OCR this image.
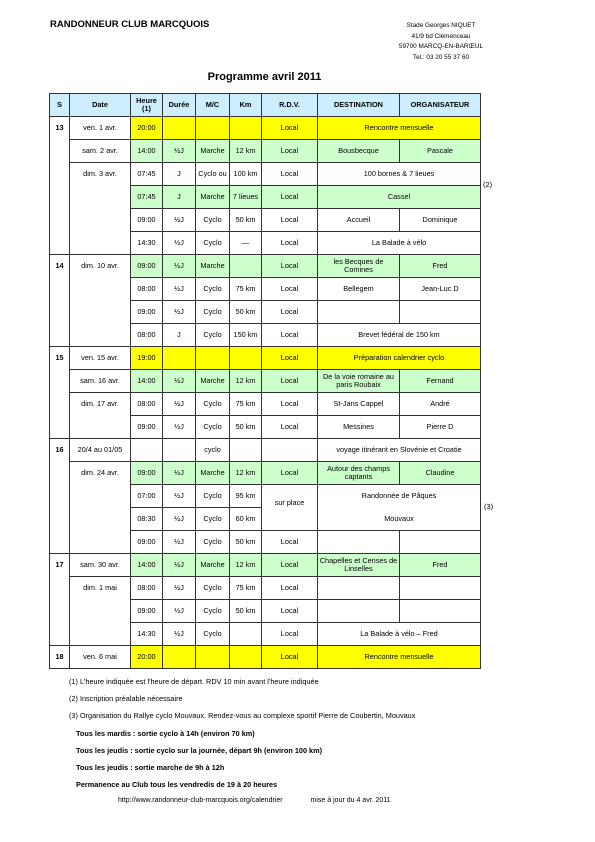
RANDONNEUR CLUB MARCQUOIS	Stade Georges NIQUET
41/9 bd Clémenceau
59700 MARCQ-EN-BARŒUL
Tel.: 03 20 55 37 60
Programme avril 2011
S	Date	Heure (1)	Durée	M/C	Km	R.D.V.	DESTINATION	ORGANISATEUR
13	ven. 1 avr.	20:00				Local	Rencontre mensuelle	
	sam. 2 avr.	14:00	½J	Marche	12 km	Local	Bousbecque	Pascale
	dim. 3 avr.	07:45	J	Cyclo ou	100 km	Local	100 bornes & 7 lieues	
		07:45	J	Marche	7 lieues	Local	Cassel	
		09:00	½J	Cyclo	50 km	Local	Accueil	Dominique
		14:30	½J	Cyclo	—	Local	La Balade à vélo	
14	dim. 10 avr.	09:00	½J	Marche		Local	les Becques de Comines	Fred
		08:00	½J	Cyclo	75 km	Local	Bellegem	Jean-Luc D
		09:00	½J	Cyclo	50 km	Local		
		08:00	J	Cyclo	150 km	Local	Brevet fédéral de 150 km	
15	ven. 15 avr.	19:00				Local	Préparation calendrier cyclo	
	sam. 16 avr.	14:00	½J	Marche	12 km	Local	De la voie romaine au paris Roubaix	Fernand
	dim. 17 avr.	08:00	½J	Cyclo	75 km	Local	St-Jans Cappel	André
		09:00	½J	Cyclo	50 km	Local	Messines	Pierre D
16	20/4 au 01/05			cyclo			voyage itinérant en Slovénie et Croatie	
	dim. 24 avr.	09:00	½J	Marche	12 km	Local	Autour des champs captants	Claudine
		07:00	½J	Cyclo	95 km	sur place	Randonnée de Pâques	
		08:30	½J	Cyclo	60 km		Mouvaux	
		09:00	½J	Cyclo	50 km	Local		
17	sam. 30 avr.	14:00	½J	Marche	12 km	Local	Chapelles et Censes de Linselles	Fred
	dim. 1 mai	08:00	½J	Cyclo	75 km	Local		
		09:00	½J	Cyclo	50 km	Local		
		14:30	½J	Cyclo		Local	La Balade à vélo – Fred	
18	ven. 6 mai	20:00				Local	Rencontre mensuelle	
(2)
(3)
(1) L'heure indiquée est l'heure de départ. RDV 10 min avant l'heure indiquée
(2) Inscription préalable nécessaire
(3) Organisation du Rallye cyclo Mouvaux. Rendez-vous au complexe sportif Pierre de Coubertin, Mouvaux
Tous les mardis : sortie cyclo à 14h (environ 70 km)
Tous les jeudis : sortie cyclo sur la journée, départ 9h (environ 100 km)
Tous les jeudis : sortie marche de 9h à 12h
Permanence au Club tous les vendredis de 19 à 20 heures
http://www.randonneur-club-marcquois.org/calendrier	mise à jour du 4 avr. 2011
